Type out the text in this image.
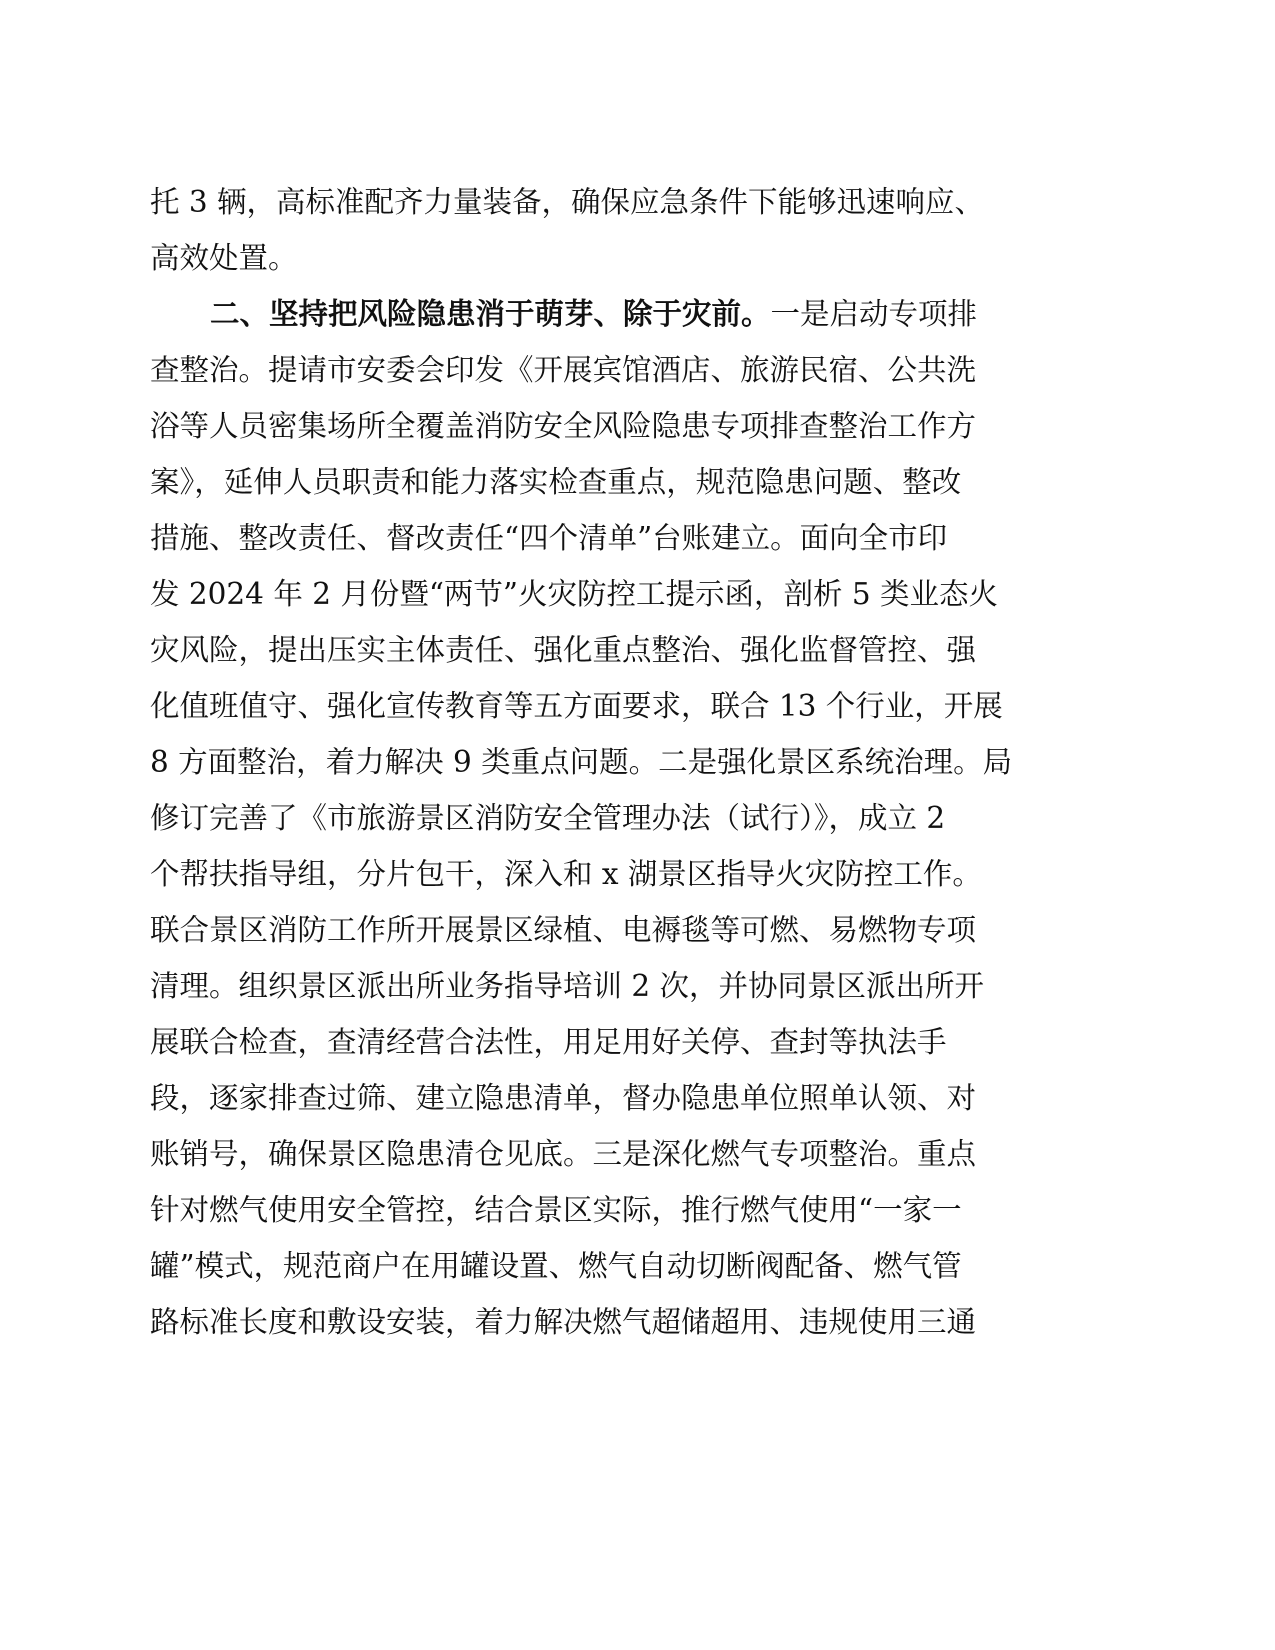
托 3 辆，高标准配齐力量装备，确保应急条件下能够迅速响应、
高效处置。
二、坚持把风险隐患消于萌芽、除于灾前。一是启动专项排
查整治。提请市安委会印发《开展宾馆酒店、旅游民宿、公共洗
浴等人员密集场所全覆盖消防安全风险隐患专项排查整治工作方
案》，延伸人员职责和能力落实检查重点，规范隐患问题、整改
措施、整改责任、督改责任“四个清单”台账建立。面向全市印
发 2024 年 2 月份暨“两节”火灾防控工提示函，剖析 5 类业态火
灾风险，提出压实主体责任、强化重点整治、强化监督管控、强
化值班值守、强化宣传教育等五方面要求，联合 13 个行业，开展
8 方面整治，着力解决 9 类重点问题。二是强化景区系统治理。局
修订完善了《市旅游景区消防安全管理办法（试行）》，成立 2
个帮扶指导组，分片包干，深入和 x 湖景区指导火灾防控工作。
联合景区消防工作所开展景区绿植、电褥毯等可燃、易燃物专项
清理。组织景区派出所业务指导培训 2 次，并协同景区派出所开
展联合检查，查清经营合法性，用足用好关停、查封等执法手
段，逐家排查过筛、建立隐患清单，督办隐患单位照单认领、对
账销号，确保景区隐患清仓见底。三是深化燃气专项整治。重点
针对燃气使用安全管控，结合景区实际，推行燃气使用“一家一
罐”模式，规范商户在用罐设置、燃气自动切断阀配备、燃气管
路标准长度和敷设安装，着力解决燃气超储超用、违规使用三通
